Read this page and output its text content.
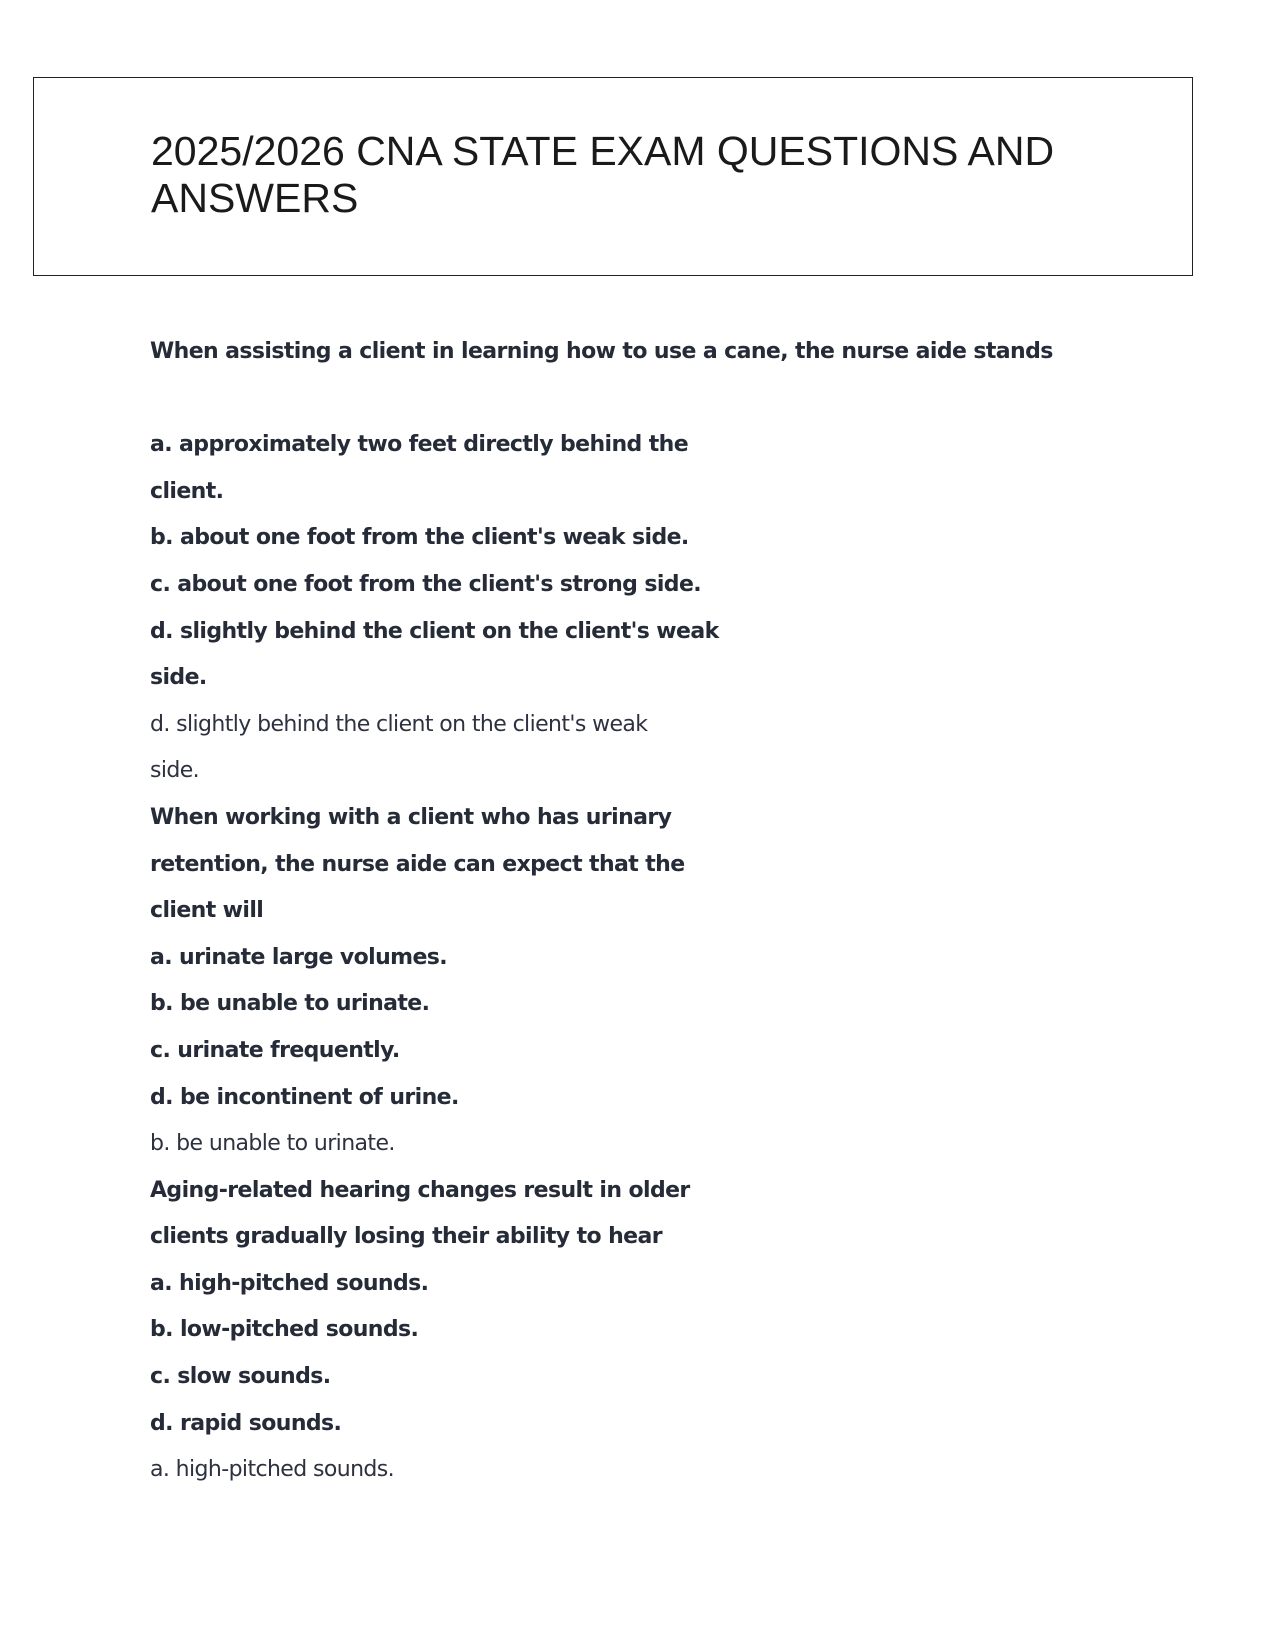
2025/2026 CNA STATE EXAM QUESTIONS AND ANSWERS
When assisting a client in learning how to use a cane, the nurse aide stands
a. approximately two feet directly behind the
client.
b. about one foot from the client's weak side.
c. about one foot from the client's strong side.
d. slightly behind the client on the client's weak
side.
d. slightly behind the client on the client's weak
side.
When working with a client who has urinary
retention, the nurse aide can expect that the
client will
a. urinate large volumes.
b. be unable to urinate.
c. urinate frequently.
d. be incontinent of urine.
b. be unable to urinate.
Aging-related hearing changes result in older
clients gradually losing their ability to hear
a. high-pitched sounds.
b. low-pitched sounds.
c. slow sounds.
d. rapid sounds.
a. high-pitched sounds.
